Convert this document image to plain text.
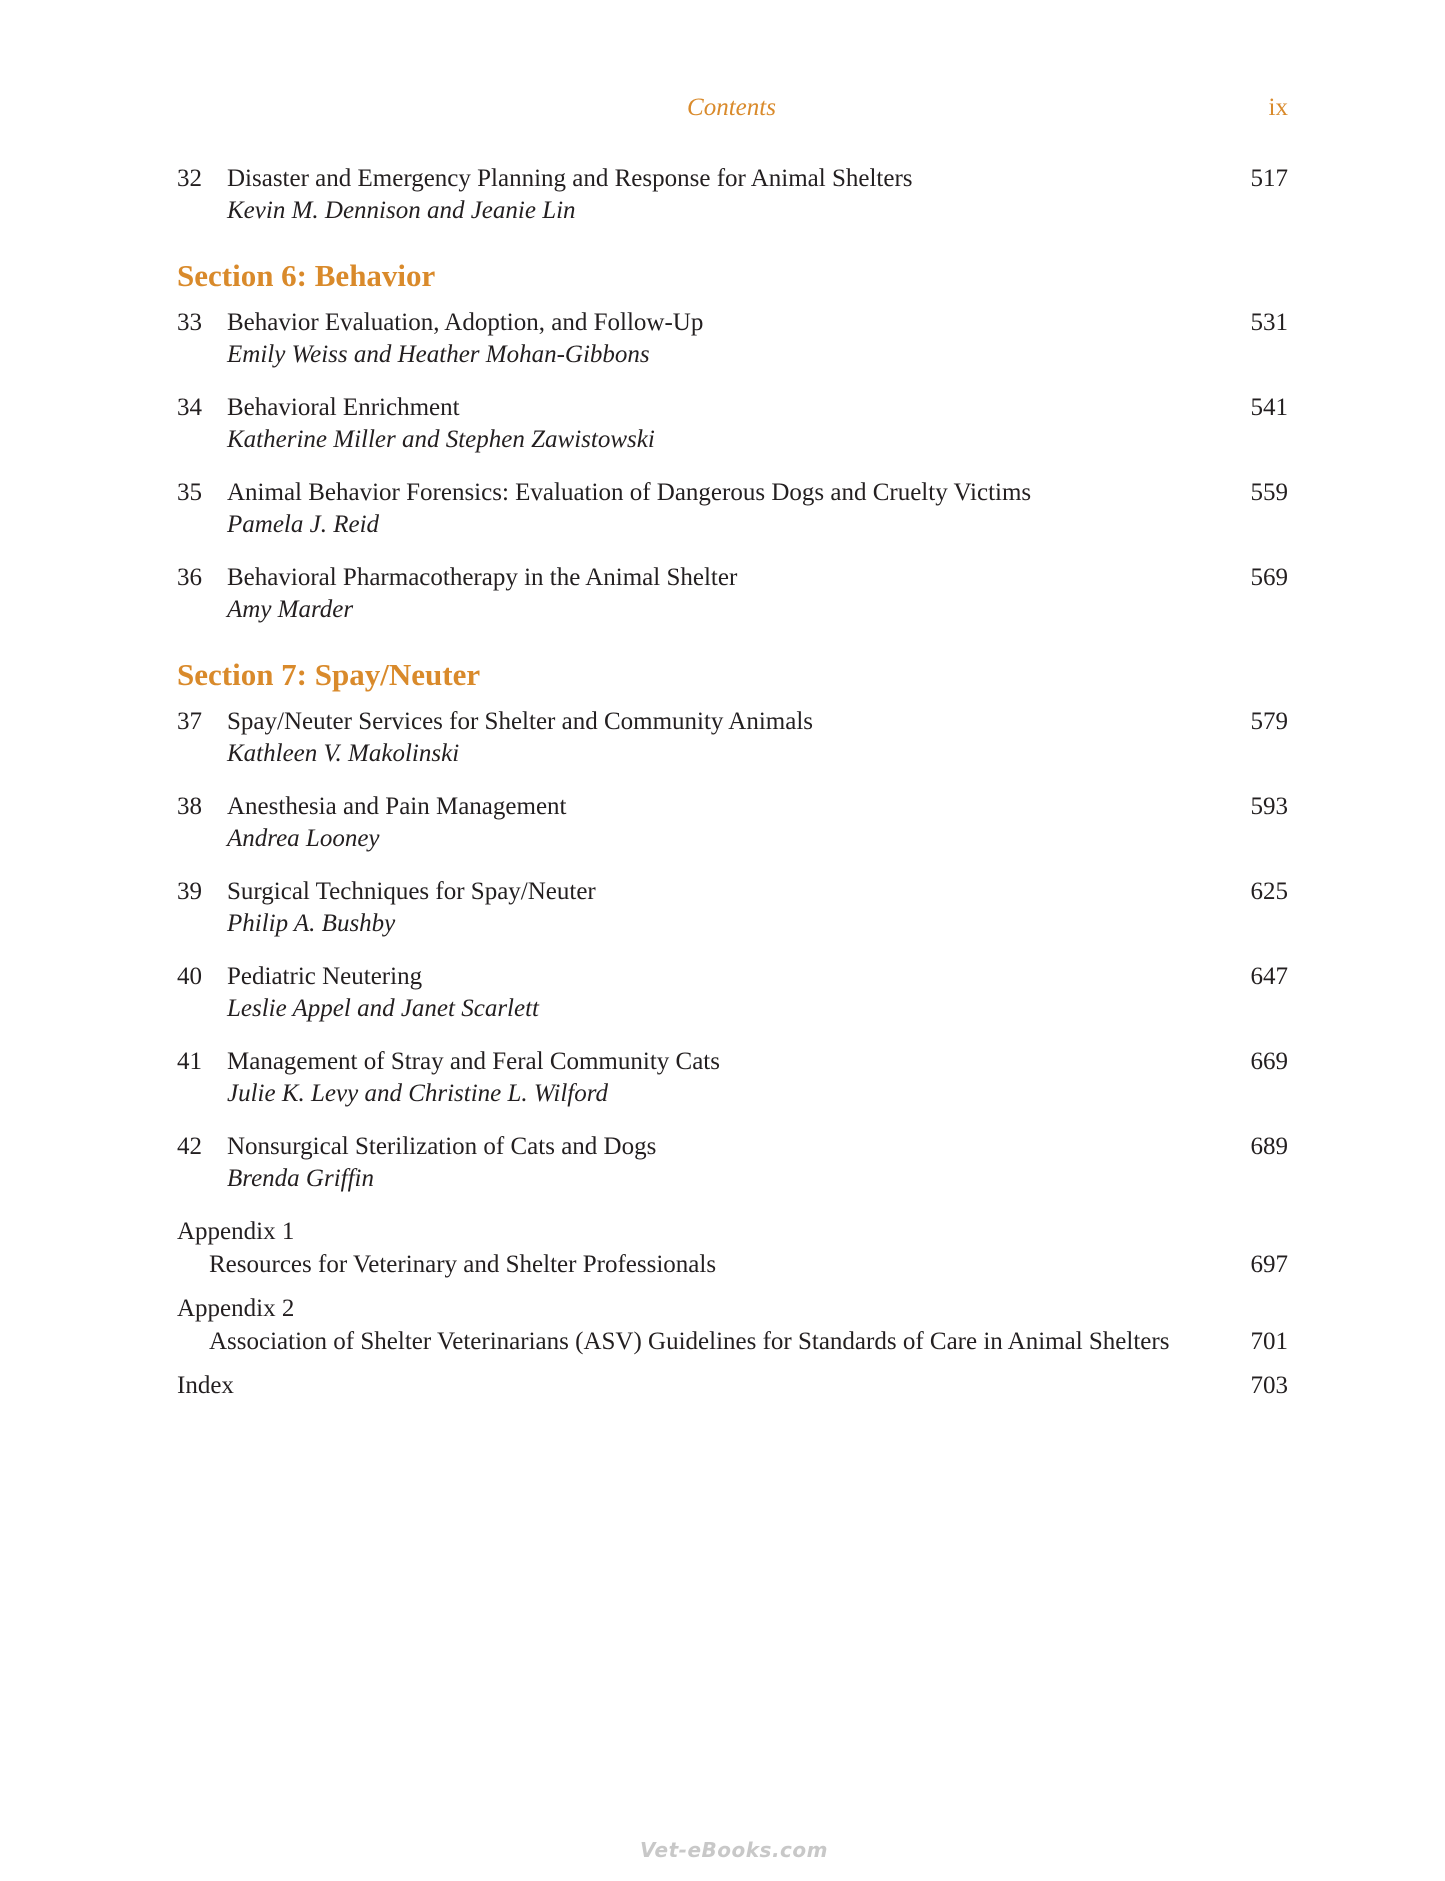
Contents	ix
32 Disaster and Emergency Planning and Response for Animal Shelters	517
Kevin M. Dennison and Jeanie Lin
Section 6: Behavior
33 Behavior Evaluation, Adoption, and Follow-Up	531
Emily Weiss and Heather Mohan-Gibbons
34 Behavioral Enrichment	541
Katherine Miller and Stephen Zawistowski
35 Animal Behavior Forensics: Evaluation of Dangerous Dogs and Cruelty Victims	559
Pamela J. Reid
36 Behavioral Pharmacotherapy in the Animal Shelter	569
Amy Marder
Section 7: Spay/Neuter
37 Spay/Neuter Services for Shelter and Community Animals	579
Kathleen V. Makolinski
38 Anesthesia and Pain Management	593
Andrea Looney
39 Surgical Techniques for Spay/Neuter	625
Philip A. Bushby
40 Pediatric Neutering	647
Leslie Appel and Janet Scarlett
41 Management of Stray and Feral Community Cats	669
Julie K. Levy and Christine L. Wilford
42 Nonsurgical Sterilization of Cats and Dogs	689
Brenda Griffin
Appendix 1
Resources for Veterinary and Shelter Professionals	697
Appendix 2
Association of Shelter Veterinarians (ASV) Guidelines for Standards of Care in Animal Shelters	701
Index	703
Vet-eBooks.com
